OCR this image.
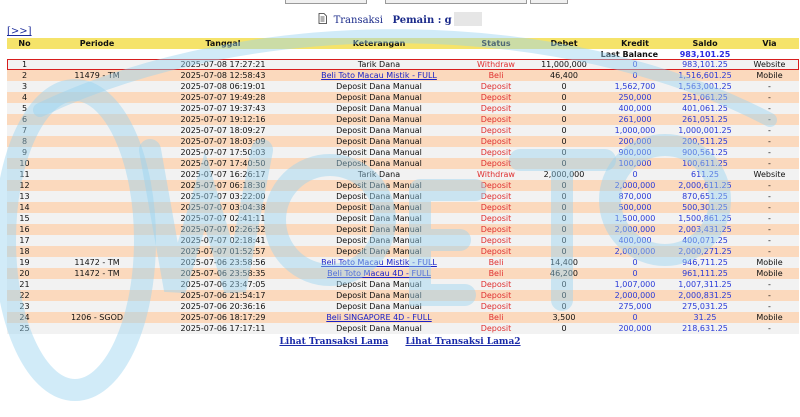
Transaksi Pemain : g
[>>]
No	Periode	Tanggal	Keterangan	Status	Debet	Kredit	Saldo	Via
Last Balance							983,101.25	
1		2025-07-08 17:27:21	Tarik Dana	Withdraw	11,000,000	0	983,101.25	Website
2	11479 - TM	2025-07-08 12:58:43	Beli Toto Macau Mistik - FULL	Beli	46,400	0	1,516,601.25	Mobile
3		2025-07-08 06:19:01	Deposit Dana Manual	Deposit	0	1,562,700	1,563,001.25	-
4		2025-07-07 19:49:28	Deposit Dana Manual	Deposit	0	250,000	251,061.25	-
5		2025-07-07 19:37:43	Deposit Dana Manual	Deposit	0	400,000	401,061.25	-
6		2025-07-07 19:12:16	Deposit Dana Manual	Deposit	0	261,000	261,051.25	-
7		2025-07-07 18:09:27	Deposit Dana Manual	Deposit	0	1,000,000	1,000,001.25	-
8		2025-07-07 18:03:09	Deposit Dana Manual	Deposit	0	200,000	200,511.25	-
9		2025-07-07 17:50:03	Deposit Dana Manual	Deposit	0	900,000	900,561.25	-
10		2025-07-07 17:40:50	Deposit Dana Manual	Deposit	0	100,000	100,611.25	-
11		2025-07-07 16:26:17	Tarik Dana	Withdraw	2,000,000	0	611.25	Website
12		2025-07-07 06:18:30	Deposit Dana Manual	Deposit	0	2,000,000	2,000,611.25	-
13		2025-07-07 03:22:00	Deposit Dana Manual	Deposit	0	870,000	870,651.25	-
14		2025-07-07 03:04:38	Deposit Dana Manual	Deposit	0	500,000	500,301.25	-
15		2025-07-07 02:41:11	Deposit Dana Manual	Deposit	0	1,500,000	1,500,861.25	-
16		2025-07-07 02:26:52	Deposit Dana Manual	Deposit	0	2,000,000	2,003,431.25	-
17		2025-07-07 02:18:41	Deposit Dana Manual	Deposit	0	400,000	400,071.25	-
18		2025-07-07 01:52:57	Deposit Dana Manual	Deposit	0	2,000,000	2,000,271.25	-
19	11472 - TM	2025-07-06 23:58:56	Beli Toto Macau Mistik - FULL	Beli	14,400	0	946,711.25	Mobile
20	11472 - TM	2025-07-06 23:58:35	Beli Toto Macau 4D - FULL	Beli	46,200	0	961,111.25	Mobile
21		2025-07-06 23:47:05	Deposit Dana Manual	Deposit	0	1,007,000	1,007,311.25	-
22		2025-07-06 21:54:17	Deposit Dana Manual	Deposit	0	2,000,000	2,000,831.25	-
23		2025-07-06 20:36:16	Deposit Dana Manual	Deposit	0	275,000	275,031.25	-
24	1206 - SGOD	2025-07-06 18:17:29	Beli SINGAPORE 4D - FULL	Beli	3,500	0	31.25	Mobile
25		2025-07-06 17:17:11	Deposit Dana Manual	Deposit	0	200,000	218,631.25	-
Lihat Transaksi Lama Lihat Transaksi Lama2
